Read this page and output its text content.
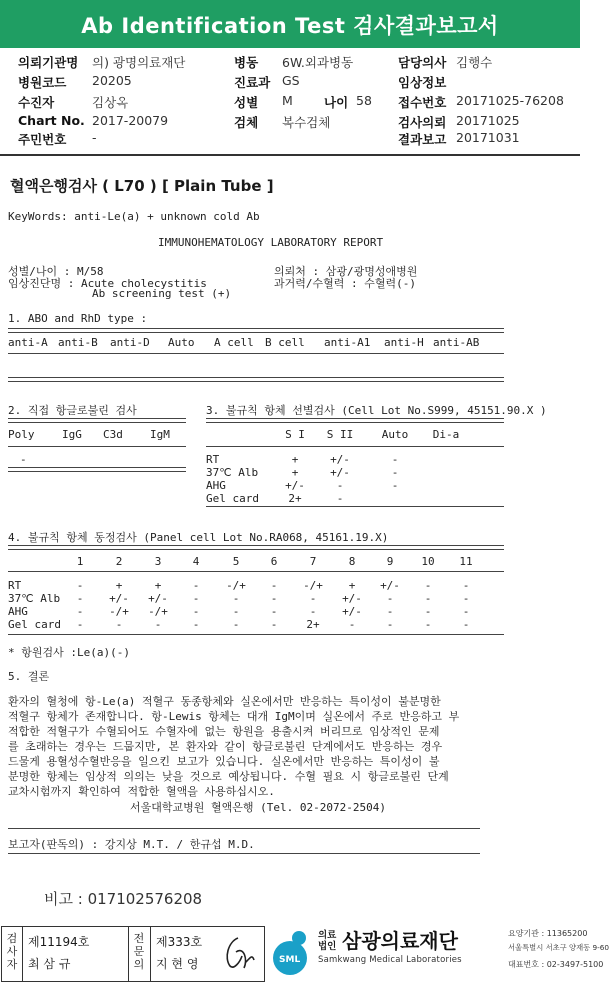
Ab Identification Test 검사결과보고서
의뢰기관명 의) 광명의료재단
병원코드 20205
수진자	김상옥
Chart No. 2017-20079
주민번호 -
병동 6W.외과병동
진료과 GS
성별 M 나이 58
검체 복수검체
담당의사 김행수
임상정보
접수번호 20171025-76208
검사의뢰 20171025
결과보고 20171031
혈액은행검사 ( L70 ) [ Plain Tube ]
KeyWords: anti-Le(a) + unknown cold Ab
IMMUNOHEMATOLOGY LABORATORY REPORT
성별/나이 : M/58
임상진단명 : Acute cholecystitis
Ab screening test (+)
의뢰처 : 삼광/광명성애병원
과거력/수혈력 : 수혈력(-)
1. ABO and RhD type :
anti-A anti-B anti-D Auto A cell B cell anti-A1 anti-H anti-AB
2. 직접 항글로불린 검사
Poly	IgG C3d IgM
-
3. 불규칙 항체 선별검사 (Cell Lot No.S999, 45151.90.X )
S I	S II	Auto	Di-a
RT	+	+/-	-
37℃ Alb	+	+/-	-
AHG	+/-	-	-
Gel card	2+	-
4. 불규칙 항체 동정검사 (Panel cell Lot No.RA068, 45161.19.X)
1	2	3	4	5	6	7	8	9	10	11
RT	-	+	+	-	-/+	-	-/+	+	+/-	-	-
37℃ Alb	-	+/-	+/-	-	-	-	-	+/-	-	-	-
AHG	-	-/+	-/+	-	-	-	-	+/-	-	-	-
Gel card	-	-	-	-	-	-	2+	-	-	-	-
* 항원검사 :Le(a)(-)
5. 결론
환자의 혈청에 항-Le(a) 적혈구 동종항체와 실온에서만 반응하는 특이성이 불분명한
적혈구 항체가 존재합니다. 항-Lewis 항체는 대개 IgM이며 실온에서 주로 반응하고 부
적합한 적혈구가 수혈되어도 수혈자에 없는 항원을 용출시켜 버리므로 임상적인 문제
를 초래하는 경우는 드뭅지만, 본 환자와 같이 항글로불린 단계에서도 반응하는 경우
드물게 용혈성수혈반응을 일으킨 보고가 있습니다. 실온에서만 반응하는 특이성이 불
분명한 항체는 임상적 의의는 낮을 것으로 예상됩니다. 수혈 필요 시 항글로불린 단계
교차시험까지 확인하여 적합한 혈액을 사용하십시오.
서울대학교병원 혈액은행 (Tel. 02-2072-2504)
보고자(판독의) : 강지상 M.T. / 한규섭 M.D.
비고 : 017102576208
검사자
제11194호
최 삼 규
전문의
제333호
지 현 영	SML
의료법인 삼광의료재단
Samkwang Medical Laboratories
요양기관 : 11365200
서울특별시 서초구 양재동 9-60
대표번호 : 02-3497-5100
